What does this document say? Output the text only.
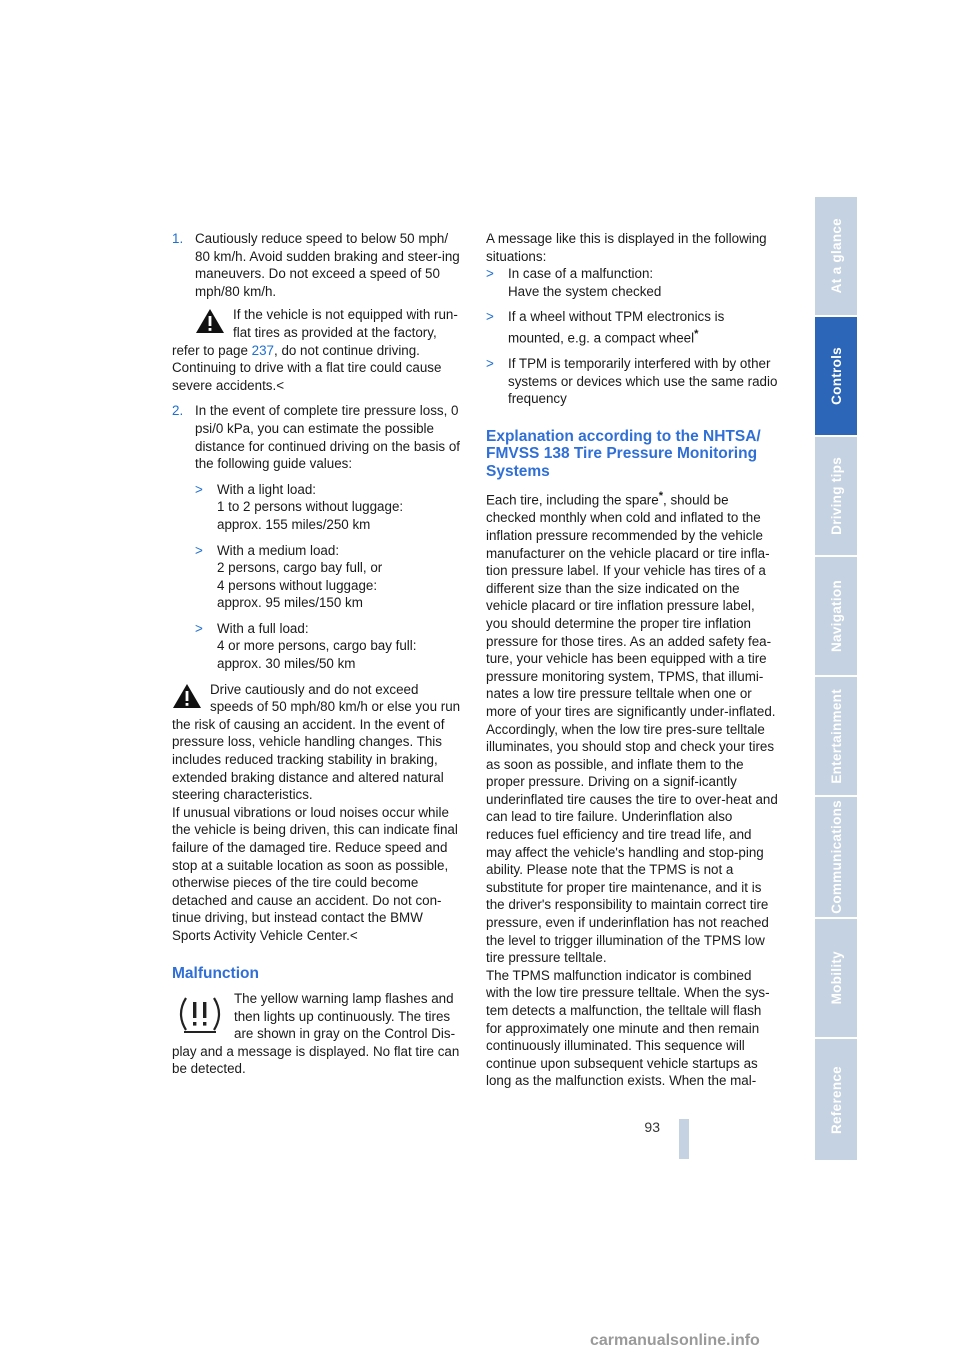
1. Cautiously reduce speed to below 50 mph/ 80 km/h. Avoid sudden braking and steer-ing maneuvers. Do not exceed a speed of 50 mph/80 km/h.

If the vehicle is not equipped with run-flat tires as provided at the factory, refer to page 237, do not continue driving. Continuing to drive with a flat tire could cause severe accidents.<

2. In the event of complete tire pressure loss, 0 psi/0 kPa, you can estimate the possible distance for continued driving on the basis of the following guide values:

> With a light load:
1 to 2 persons without luggage:
approx. 155 miles/250 km
> With a medium load:
2 persons, cargo bay full, or
4 persons without luggage:
approx. 95 miles/150 km
> With a full load:
4 or more persons, cargo bay full:
approx. 30 miles/50 km

Drive cautiously and do not exceed speeds of 50 mph/80 km/h or else you run the risk of causing an accident. In the event of pressure loss, vehicle handling changes. This includes reduced tracking stability in braking, extended braking distance and altered natural steering characteristics.

If unusual vibrations or loud noises occur while the vehicle is being driven, this can indicate final failure of the damaged tire. Reduce speed and stop at a suitable location as soon as possible, otherwise pieces of the tire could become detached and cause an accident. Do not con-tinue driving, but instead contact the BMW Sports Activity Vehicle Center.<

Malfunction

The yellow warning lamp flashes and then lights up continuously. The tires are shown in gray on the Control Dis-play and a message is displayed. No flat tire can be detected.

A message like this is displayed in the following situations:

> In case of a malfunction:
Have the system checked
> If a wheel without TPM electronics is mounted, e.g. a compact wheel*
> If TPM is temporarily interfered with by other systems or devices which use the same radio frequency
Explanation according to the NHTSA/ FMVSS 138 Tire Pressure Monitoring Systems

Each tire, including the spare*, should be checked monthly when cold and inflated to the inflation pressure recommended by the vehicle manufacturer on the vehicle placard or tire infla-tion pressure label. If your vehicle has tires of a different size than the size indicated on the vehicle placard or tire inflation pressure label, you should determine the proper tire inflation pressure for those tires. As an added safety fea-ture, your vehicle has been equipped with a tire pressure monitoring system, TPMS, that illumi-nates a low tire pressure telltale when one or more of your tires are significantly under-inflated. Accordingly, when the low tire pres-sure telltale illuminates, you should stop and check your tires as soon as possible, and inflate them to the proper pressure. Driving on a signif-icantly underinflated tire causes the tire to over-heat and can lead to tire failure. Underinflation also reduces fuel efficiency and tire tread life, and may affect the vehicle's handling and stop-ping ability. Please note that the TPMS is not a substitute for proper tire maintenance, and it is the driver's responsibility to maintain correct tire pressure, even if underinflation has not reached the level to trigger illumination of the TPMS low tire pressure telltale.

The TPMS malfunction indicator is combined with the low tire pressure telltale. When the sys-tem detects a malfunction, the telltale will flash for approximately one minute and then remain continuously illuminated. This sequence will continue upon subsequent vehicle startups as long as the malfunction exists. When the mal-

At a glance
Controls
Driving tips
Navigation
Entertainment
Communications
Mobility
Reference
93
carmanualsonline.info
